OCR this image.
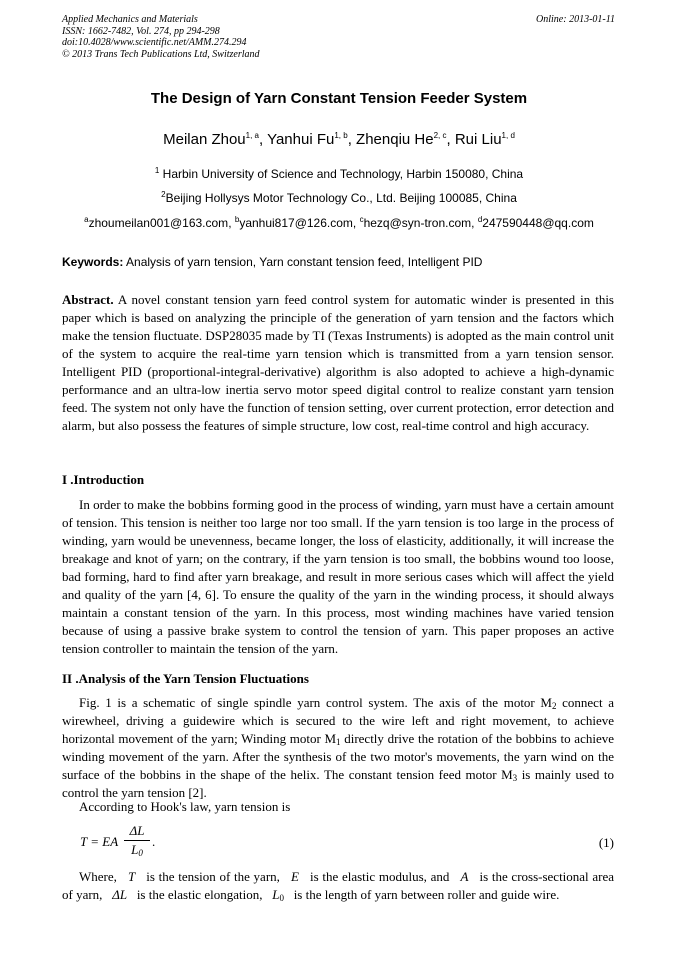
Applied Mechanics and Materials
ISSN: 1662-7482, Vol. 274, pp 294-298
doi:10.4028/www.scientific.net/AMM.274.294
© 2013 Trans Tech Publications Ltd, Switzerland
Online: 2013-01-11
The Design of Yarn Constant Tension Feeder System
Meilan Zhou$^{1, a}$, Yanhui Fu$^{1, b}$, Zhenqiu He$^{2, c}$, Rui Liu$^{1, d}$
$^1$ Harbin University of Science and Technology, Harbin 150080, China
$^2$Beijing Hollysys Motor Technology Co., Ltd. Beijing 100085, China
$^a$zhoumeilan001@163.com, $^b$yanhui817@126.com, $^c$hezq@syn-tron.com, $^d$247590448@qq.com
Keywords: Analysis of yarn tension, Yarn constant tension feed, Intelligent PID

Abstract. A novel constant tension yarn feed control system for automatic winder is presented in this paper which is based on analyzing the principle of the generation of yarn tension and the factors which make the tension fluctuate. DSP28035 made by TI (Texas Instruments) is adopted as the main control unit of the system to acquire the real-time yarn tension which is transmitted from a yarn tension sensor. Intelligent PID (proportional-integral-derivative) algorithm is also adopted to achieve a high-dynamic performance and an ultra-low inertia servo motor speed digital control to realize constant yarn tension feed. The system not only have the function of tension setting, over current protection, error detection and alarm, but also possess the features of simple structure, low cost, real-time control and high accuracy.

I .Introduction

In order to make the bobbins forming good in the process of winding, yarn must have a certain amount of tension. This tension is neither too large nor too small. If the yarn tension is too large in the process of winding, yarn would be unevenness, became longer, the loss of elasticity, additionally, it will increase the breakage and knot of yarn; on the contrary, if the yarn tension is too small, the bobbins wound too loose, bad forming, hard to find after yarn breakage, and result in more serious cases which will affect the yield and quality of the yarn [4, 6]. To ensure the quality of the yarn in the winding process, it should always maintain a constant tension of the yarn. In this process, most winding machines have varied tension because of using a passive brake system to control the tension of yarn. This paper proposes an active tension controller to maintain the tension of the yarn.

II .Analysis of the Yarn Tension Fluctuations

Fig. 1 is a schematic of single spindle yarn control system. The axis of the motor $M_2$ connect a wirewheel, driving a guidewire which is secured to the wire left and right movement, to achieve horizontal movement of the yarn; Winding motor $M_1$ directly drive the rotation of the bobbins to achieve winding movement of the yarn. After the synthesis of the two motor's movements, the yarn wind on the surface of the bobbins in the shape of the helix. The constant tension feed motor $M_3$ is mainly used to control the yarn tension [2].

According to Hook's law, yarn tension is

T = EA
ΔL
$L_0$
.	(1)

Where, T is the tension of the yarn, E is the elastic modulus, and A is the cross-sectional area of yarn, ΔL is the elastic elongation, $L_0$ is the length of yarn between roller and guide wire.
